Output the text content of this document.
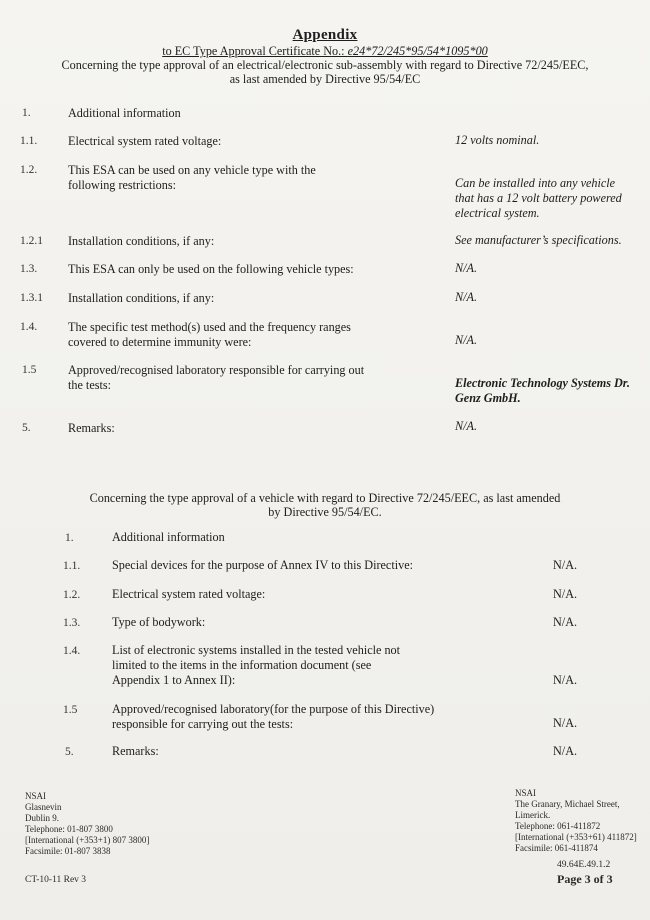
Appendix
to EC Type Approval Certificate No.: e24*72/245*95/54*1095*00
Concerning the type approval of an electrical/electronic sub-assembly with regard to Directive 72/245/EEC,
as last amended by Directive 95/54/EC
1.	Additional information
1.1.	Electrical system rated voltage:	12 volts nominal.
1.2.	This ESA can be used on any vehicle type with the following restrictions:	Can be installed into any vehicle that has a 12 volt battery powered electrical system.
1.2.1 Installation conditions, if any:	See manufacturer’s specifications.
1.3.	This ESA can only be used on the following vehicle types:	N/A.
1.3.1 Installation conditions, if any:	N/A.
1.4.	The specific test method(s) used and the frequency ranges covered to determine immunity were:	N/A.
1.5	Approved/recognised laboratory responsible for carrying out the tests:	Electronic Technology Systems Dr. Genz GmbH.
5.	Remarks:	N/A.
Concerning the type approval of a vehicle with regard to Directive 72/245/EEC, as last amended
by Directive 95/54/EC.
1.	Additional information
1.1.	Special devices for the purpose of Annex IV to this Directive:	N/A.
1.2.	Electrical system rated voltage:	N/A.
1.3.	Type of bodywork:	N/A.
1.4.	List of electronic systems installed in the tested vehicle not limited to the items in the information document (see Appendix 1 to Annex II):	N/A.
1.5	Approved/recognised laboratory(for the purpose of this Directive) responsible for carrying out the tests:	N/A.
5.	Remarks:	N/A.
NSAI
Glasnevin
Dublin 9.
Telephone: 01-807 3800
[International (+353+1) 807 3800]
Facsimile: 01-807 3838
NSAI
The Granary, Michael Street,
Limerick.
Telephone: 061-411872
[International (+353+61) 411872]
Facsimile: 061-411874
CT-10-11 Rev 3
49.64E.49.1.2
Page 3 of 3
